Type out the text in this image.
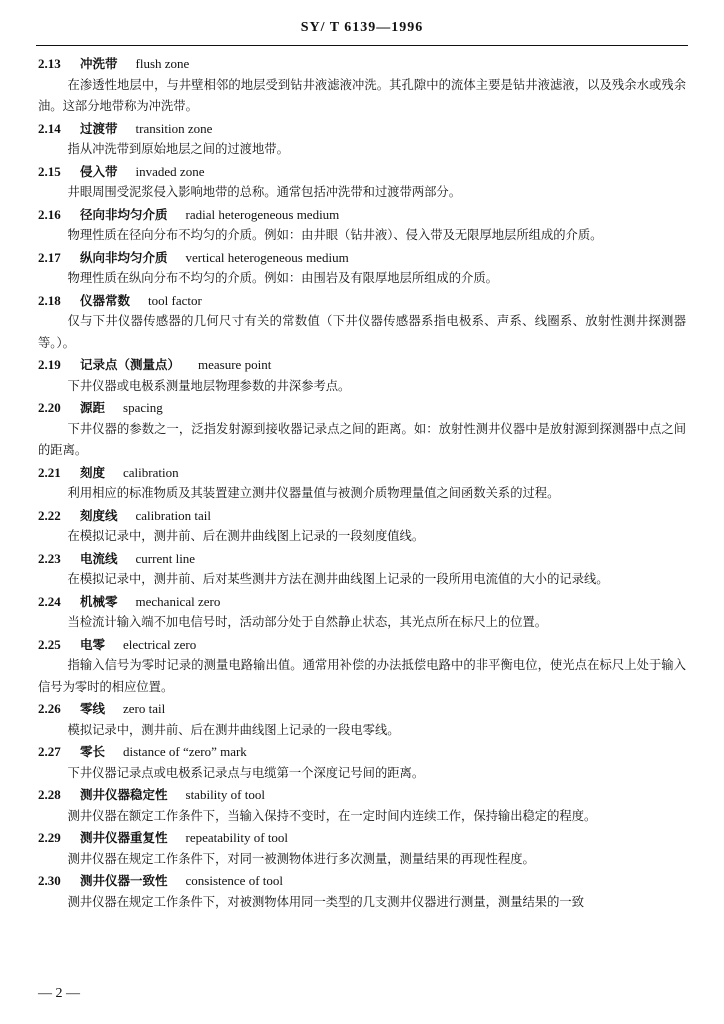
SY/ T 6139—1996
2.13 冲洗带 flush zone

在渗透性地层中，与井壁相邻的地层受到钻井液滤液冲洗。其孔隙中的流体主要是钻井液滤液，以及残余水或残余油。这部分地带称为冲洗带。

2.14 过渡带 transition zone

指从冲洗带到原始地层之间的过渡地带。

2.15 侵入带 invaded zone

井眼周围受泥浆侵入影响地带的总称。通常包括冲洗带和过渡带两部分。

2.16 径向非均匀介质 radial heterogeneous medium

物理性质在径向分布不均匀的介质。例如：由井眼（钻井液）、侵入带及无限厚地层所组成的介质。

2.17 纵向非均匀介质 vertical heterogeneous medium

物理性质在纵向分布不均匀的介质。例如：由围岩及有限厚地层所组成的介质。

2.18 仪器常数 tool factor

仅与下井仪器传感器的几何尺寸有关的常数值（下井仪器传感器系指电极系、声系、线圈系、放射性测井探测器等。）。

2.19 记录点（测量点） measure point

下井仪器或电极系测量地层物理参数的井深参考点。

2.20 源距 spacing

下井仪器的参数之一，泛指发射源到接收器记录点之间的距离。如：放射性测井仪器中是放射源到探测器中点之间的距离。

2.21 刻度 calibration

利用相应的标准物质及其装置建立测井仪器量值与被测介质物理量值之间函数关系的过程。

2.22 刻度线 calibration tail

在模拟记录中，测井前、后在测井曲线图上记录的一段刻度值线。

2.23 电流线 current line

在模拟记录中，测井前、后对某些测井方法在测井曲线图上记录的一段所用电流值的大小的记录线。

2.24 机械零 mechanical zero

当检流计输入端不加电信号时，活动部分处于自然静止状态，其光点所在标尺上的位置。

2.25 电零 electrical zero

指输入信号为零时记录的测量电路输出值。通常用补偿的办法抵偿电路中的非平衡电位，使光点在标尺上处于输入信号为零时的相应位置。

2.26 零线 zero tail

模拟记录中，测井前、后在测井曲线图上记录的一段电零线。

2.27 零长 distance of “zero” mark

下井仪器记录点或电极系记录点与电缆第一个深度记号间的距离。

2.28 测井仪器稳定性 stability of tool

测井仪器在额定工作条件下，当输入保持不变时，在一定时间内连续工作，保持输出稳定的程度。

2.29 测井仪器重复性 repeatability of tool

测井仪器在规定工作条件下，对同一被测物体进行多次测量，测量结果的再现性程度。

2.30 测井仪器一致性 consistence of tool

测井仪器在规定工作条件下，对被测物体用同一类型的几支测井仪器进行测量，测量结果的一致

— 2 —
